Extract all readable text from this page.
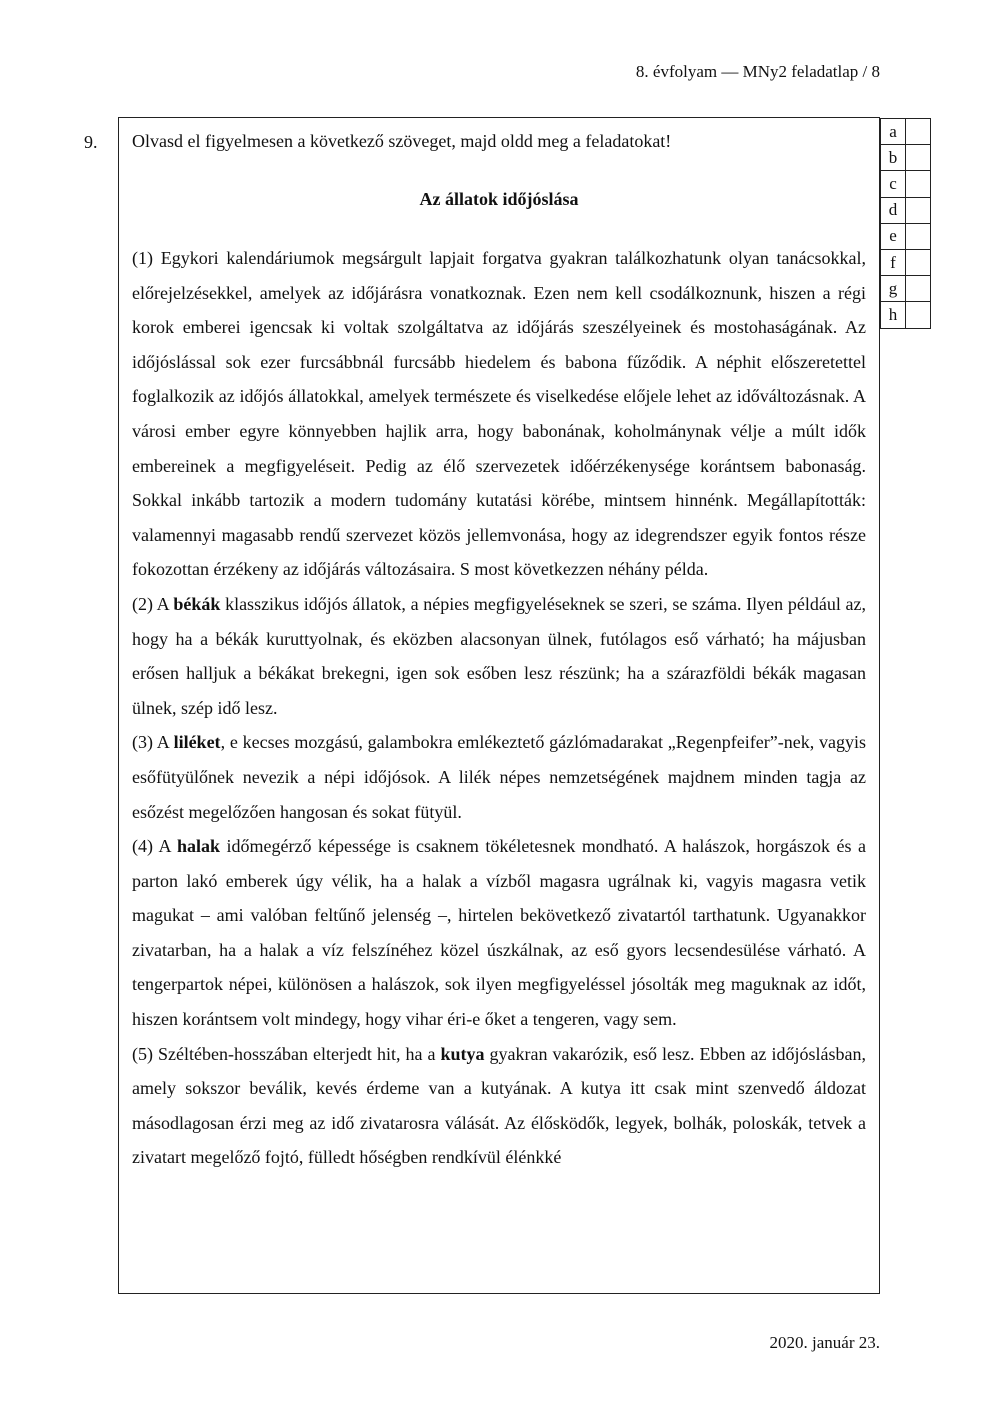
8. évfolyam — MNy2 feladatlap / 8
9. Olvasd el figyelmesen a következő szöveget, majd oldd meg a feladatokat!
Az állatok időjóslása

(1) Egykori kalendáriumok megsárgult lapjait forgatva gyakran találkozhatunk olyan tanácsokkal, előrejelzésekkel, amelyek az időjárásra vonatkoznak. Ezen nem kell csodálkoznunk, hiszen a régi korok emberei igencsak ki voltak szolgáltatva az időjárás szeszélyeinek és mostohaságának. Az időjóslással sok ezer furcsábbnál furcsább hiedelem és babona fűződik. A néphit előszeretettel foglalkozik az időjós állatokkal, amelyek természete és viselkedése előjele lehet az időváltozásnak. A városi ember egyre könnyebben hajlik arra, hogy babonának, koholmánynak vélje a múlt idők embereinek a megfigyeléseit. Pedig az élő szervezetek időérzékenysége korántsem babonaság. Sokkal inkább tartozik a modern tudomány kutatási körébe, mintsem hinnénk. Megállapították: valamennyi magasabb rendű szervezet közös jellemvonása, hogy az idegrendszer egyik fontos része fokozottan érzékeny az időjárás változásaira. S most következzen néhány példa.

(2) A békák klasszikus időjós állatok, a népies megfigyeléseknek se szeri, se száma. Ilyen például az, hogy ha a békák kuruttyolnak, és eközben alacsonyan ülnek, futólagos eső várható; ha májusban erősen halljuk a békákat brekegni, igen sok esőben lesz részünk; ha a szárazföldi békák magasan ülnek, szép idő lesz.

(3) A liléket, e kecses mozgású, galambokra emlékeztető gázlómadarakat „Regenpfeifer”-nek, vagyis esőfütyülőnek nevezik a népi időjósok. A lilék népes nemzetségének majdnem minden tagja az esőzést megelőzően hangosan és sokat fütyül.

(4) A halak időmegérző képessége is csaknem tökéletesnek mondható. A halászok, horgászok és a parton lakó emberek úgy vélik, ha a halak a vízből magasra ugrálnak ki, vagyis magasra vetik magukat – ami valóban feltűnő jelenség –, hirtelen bekövetkező zivatartól tarthatunk. Ugyanakkor zivatarban, ha a halak a víz felszínéhez közel úszkálnak, az eső gyors lecsendesülése várható. A tengerpartok népei, különösen a halászok, sok ilyen megfigyeléssel jósolták meg maguknak az időt, hiszen korántsem volt mindegy, hogy vihar éri-e őket a tengeren, vagy sem.

(5) Széltében-hosszában elterjedt hit, ha a kutya gyakran vakarózik, eső lesz. Ebben az időjóslásban, amely sokszor beválik, kevés érdeme van a kutyának. A kutya itt csak mint szenvedő áldozat másodlagosan érzi meg az idő zivatarosra válását. Az élősködők, legyek, bolhák, poloskák, tetvek a zivatart megelőző fojtó, fülledt hőségben rendkívül élénkké

a	
b	
c	
d	
e	
f	
g	
h	
2020. január 23.
